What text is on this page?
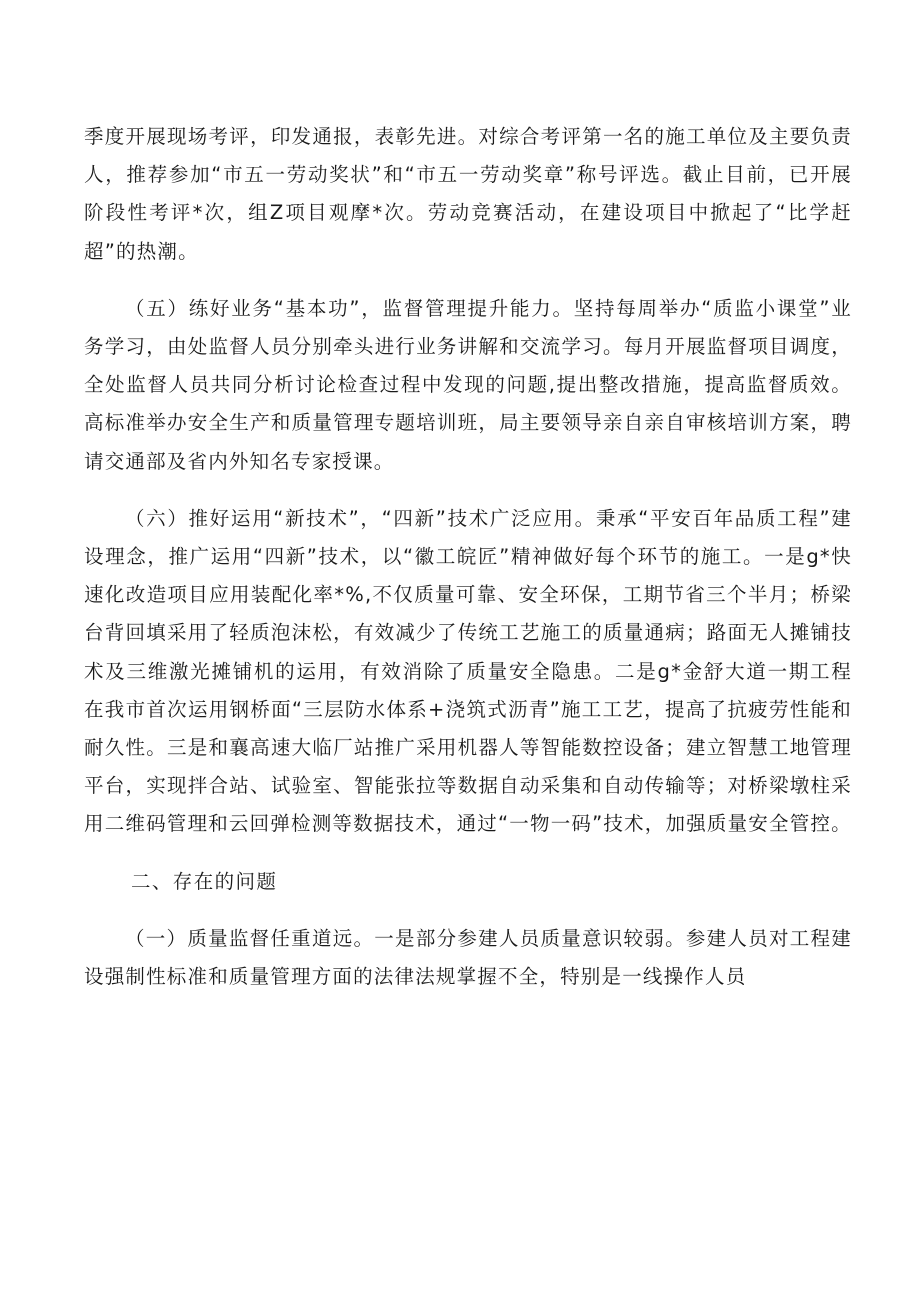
季度开展现场考评，印发通报，表彰先进。对综合考评第一名的施工单位及主要负责人，推荐参加“市五一劳动奖状”和“市五一劳动奖章”称号评选。截止目前，已开展阶段性考评*次，组Z项目观摩*次。劳动竞赛活动，在建设项目中掀起了“比学赶超”的热潮。

（五）练好业务“基本功”，监督管理提升能力。坚持每周举办“质监小课堂”业务学习，由处监督人员分别牵头进行业务讲解和交流学习。每月开展监督项目调度，全处监督人员共同分析讨论检查过程中发现的问题,提出整改措施，提高监督质效。高标准举办安全生产和质量管理专题培训班，局主要领导亲自亲自审核培训方案，聘请交通部及省内外知名专家授课。

（六）推好运用“新技术”，“四新”技术广泛应用。秉承“平安百年品质工程”建设理念，推广运用“四新”技术，以“徽工皖匠”精神做好每个环节的施工。一是g*快速化改造项目应用装配化率*%,不仅质量可靠、安全环保，工期节省三个半月；桥梁台背回填采用了轻质泡沫松，有效减少了传统工艺施工的质量通病；路面无人摊铺技术及三维激光摊铺机的运用，有效消除了质量安全隐患。二是g*金舒大道一期工程在我市首次运用钢桥面“三层防水体系+浇筑式沥青”施工工艺，提高了抗疲劳性能和耐久性。三是和襄高速大临厂站推广采用机器人等智能数控设备；建立智慧工地管理平台，实现拌合站、试验室、智能张拉等数据自动采集和自动传输等；对桥梁墩柱采用二维码管理和云回弹检测等数据技术，通过“一物一码”技术，加强质量安全管控。

二、存在的问题

（一）质量监督任重道远。一是部分参建人员质量意识较弱。参建人员对工程建设强制性标准和质量管理方面的法律法规掌握不全，特别是一线操作人员
